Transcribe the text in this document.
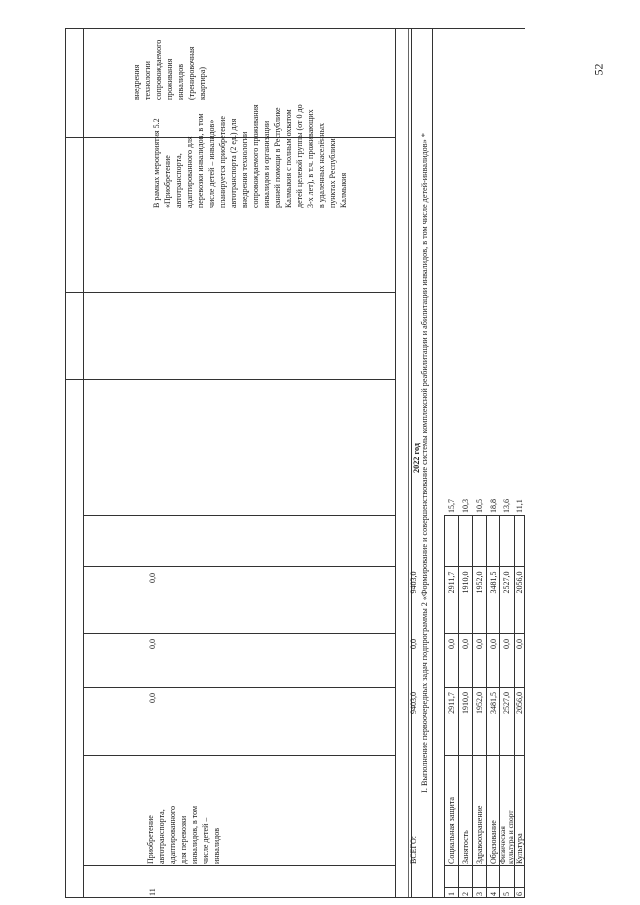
52
внедрения технологии
сопровождаемого проживания
инвалидов (тренировочная
квартира)
11
Приобретение
автотранспорта,
адаптированного
для перевозки
инвалидов, в том
числе детей –
инвалидов
0,0
0,0
0,0
В рамках мероприятия 5.2
«Приобретение
автотранспорта,
адаптированного для
перевозки инвалидов, в том
числе детей – инвалидов»
планируется приобретение
автотранспорта (2 ед.) для
внедрения технологии
сопровождаемого проживания
инвалидов и организации
ранней помощи в Республике
Калмыкия с полным охватом
детей целевой группы (от 0 до
3-х лет), в т.ч. проживающих
в удаленных населённых
пунктах Республики
Калмыкия
ВСЕГО:
9403,0
0,0
9403,0
2022 год I. Выполнение первоочередных задач подпрограммы 2 «Формирование и совершенствование системы комплексной реабилитации и абилитации инвалидов, в том числе детей-инвалидов» *
1
Социальная защита
2911,7
0,0
2911,7
15,7
2
Занятость
1910,0
0,0
1910,0
10,3
3
Здравоохранение
1952,0
0,0
1952,0
10,5
4
Образование
3481,5
0,0
3481,5
18,8
5
Физическая
культура и спорт
2527,0
0,0
2527,0
13,6
6
Культура
2056,0
0,0
2056,0
11,1
